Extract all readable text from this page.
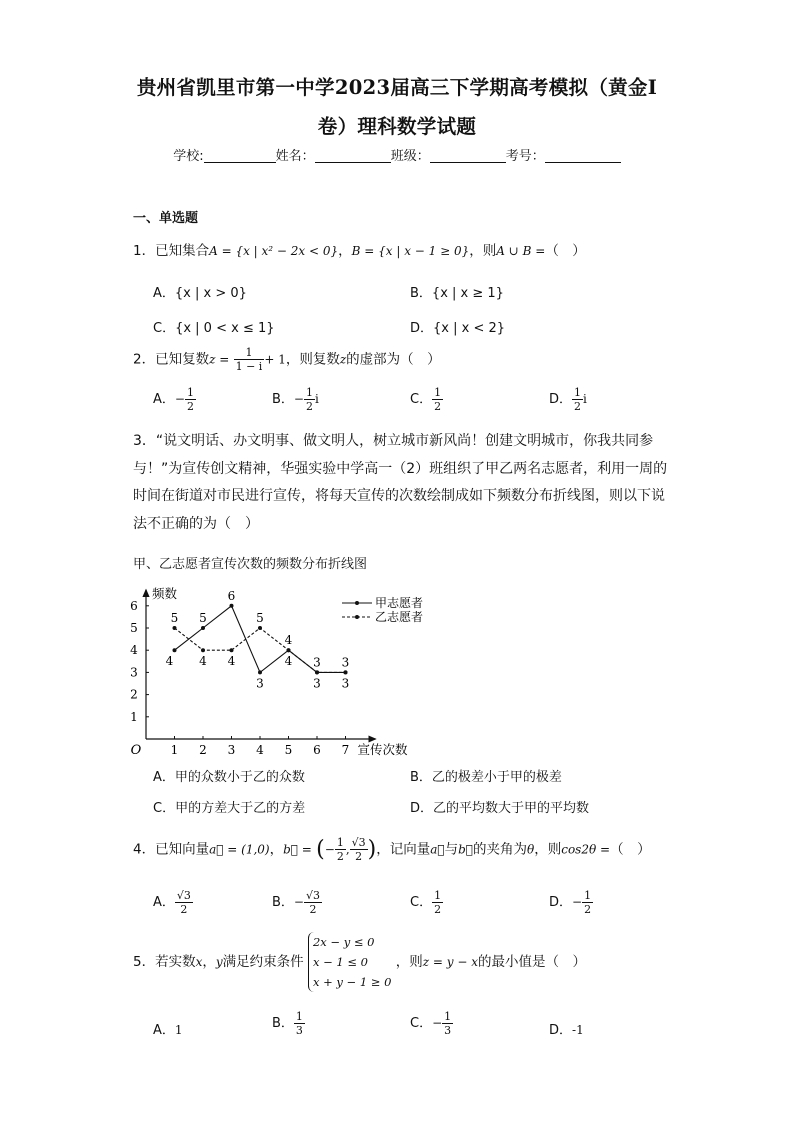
贵州省凯里市第一中学2023届高三下学期高考模拟（黄金Ⅰ
卷）理科数学试题
学校:	姓名：	班级：	考号：
一、单选题
1．已知集合A = {x | x² − 2x < 0}，B = {x | x − 1 ≥ 0}，则A ∪ B =（　）
A．{x | x > 0}	B．{x | x ≥ 1}
C．{x | 0 < x ≤ 1}	D．{x | x < 2}
2．已知复数$z = \frac{1}{1 - i} + 1$，则复数z的虚部为（　）
A．− $\frac{1}{2}$	B．− $\frac{1}{2}$ i	C． $\frac{1}{2}$	D． $\frac{1}{2}$ i
3．“说文明话、办文明事、做文明人，树立城市新风尚！创建文明城市，你我共同参与！”为宣传创文精神，华强实验中学高一（2）班组织了甲乙两名志愿者，利用一周的时间在街道对市民进行宣传，将每天宣传的次数绘制成如下频数分布折线图，则以下说法不正确的为（　）
甲、乙志愿者宣传次数的频数分布折线图
O 1 2 3 4 5 6 7
1
2
3
4
5
6
宣传次数
频数
4
5
6
3
4
3 3
5
4 4
5
4
3 3
甲志愿者
乙志愿者
A．甲的众数小于乙的众数	B．乙的极差小于甲的极差
C．甲的方差大于乙的方差	D．乙的平均数大于甲的平均数
4．已知向量a⃗ = (1,0)，b⃗ = (− $\frac{1}{2}$ , $\frac{√3}{2}$ )，记向量a⃗与b⃗的夹角为θ，则cos2θ =（　）
A． $\frac{√3}{2}$	B．− $\frac{√3}{2}$	C． $\frac{1}{2}$	D．− $\frac{1}{2}$
5．若实数x，y满足约束条件
2x − y ≤ 0
x − 1 ≤ 0
x + y − 1 ≥ 0
，则z = y − x的最小值是（　）
A．1	B． $\frac{1}{3}$	C．− $\frac{1}{3}$	D．-1
